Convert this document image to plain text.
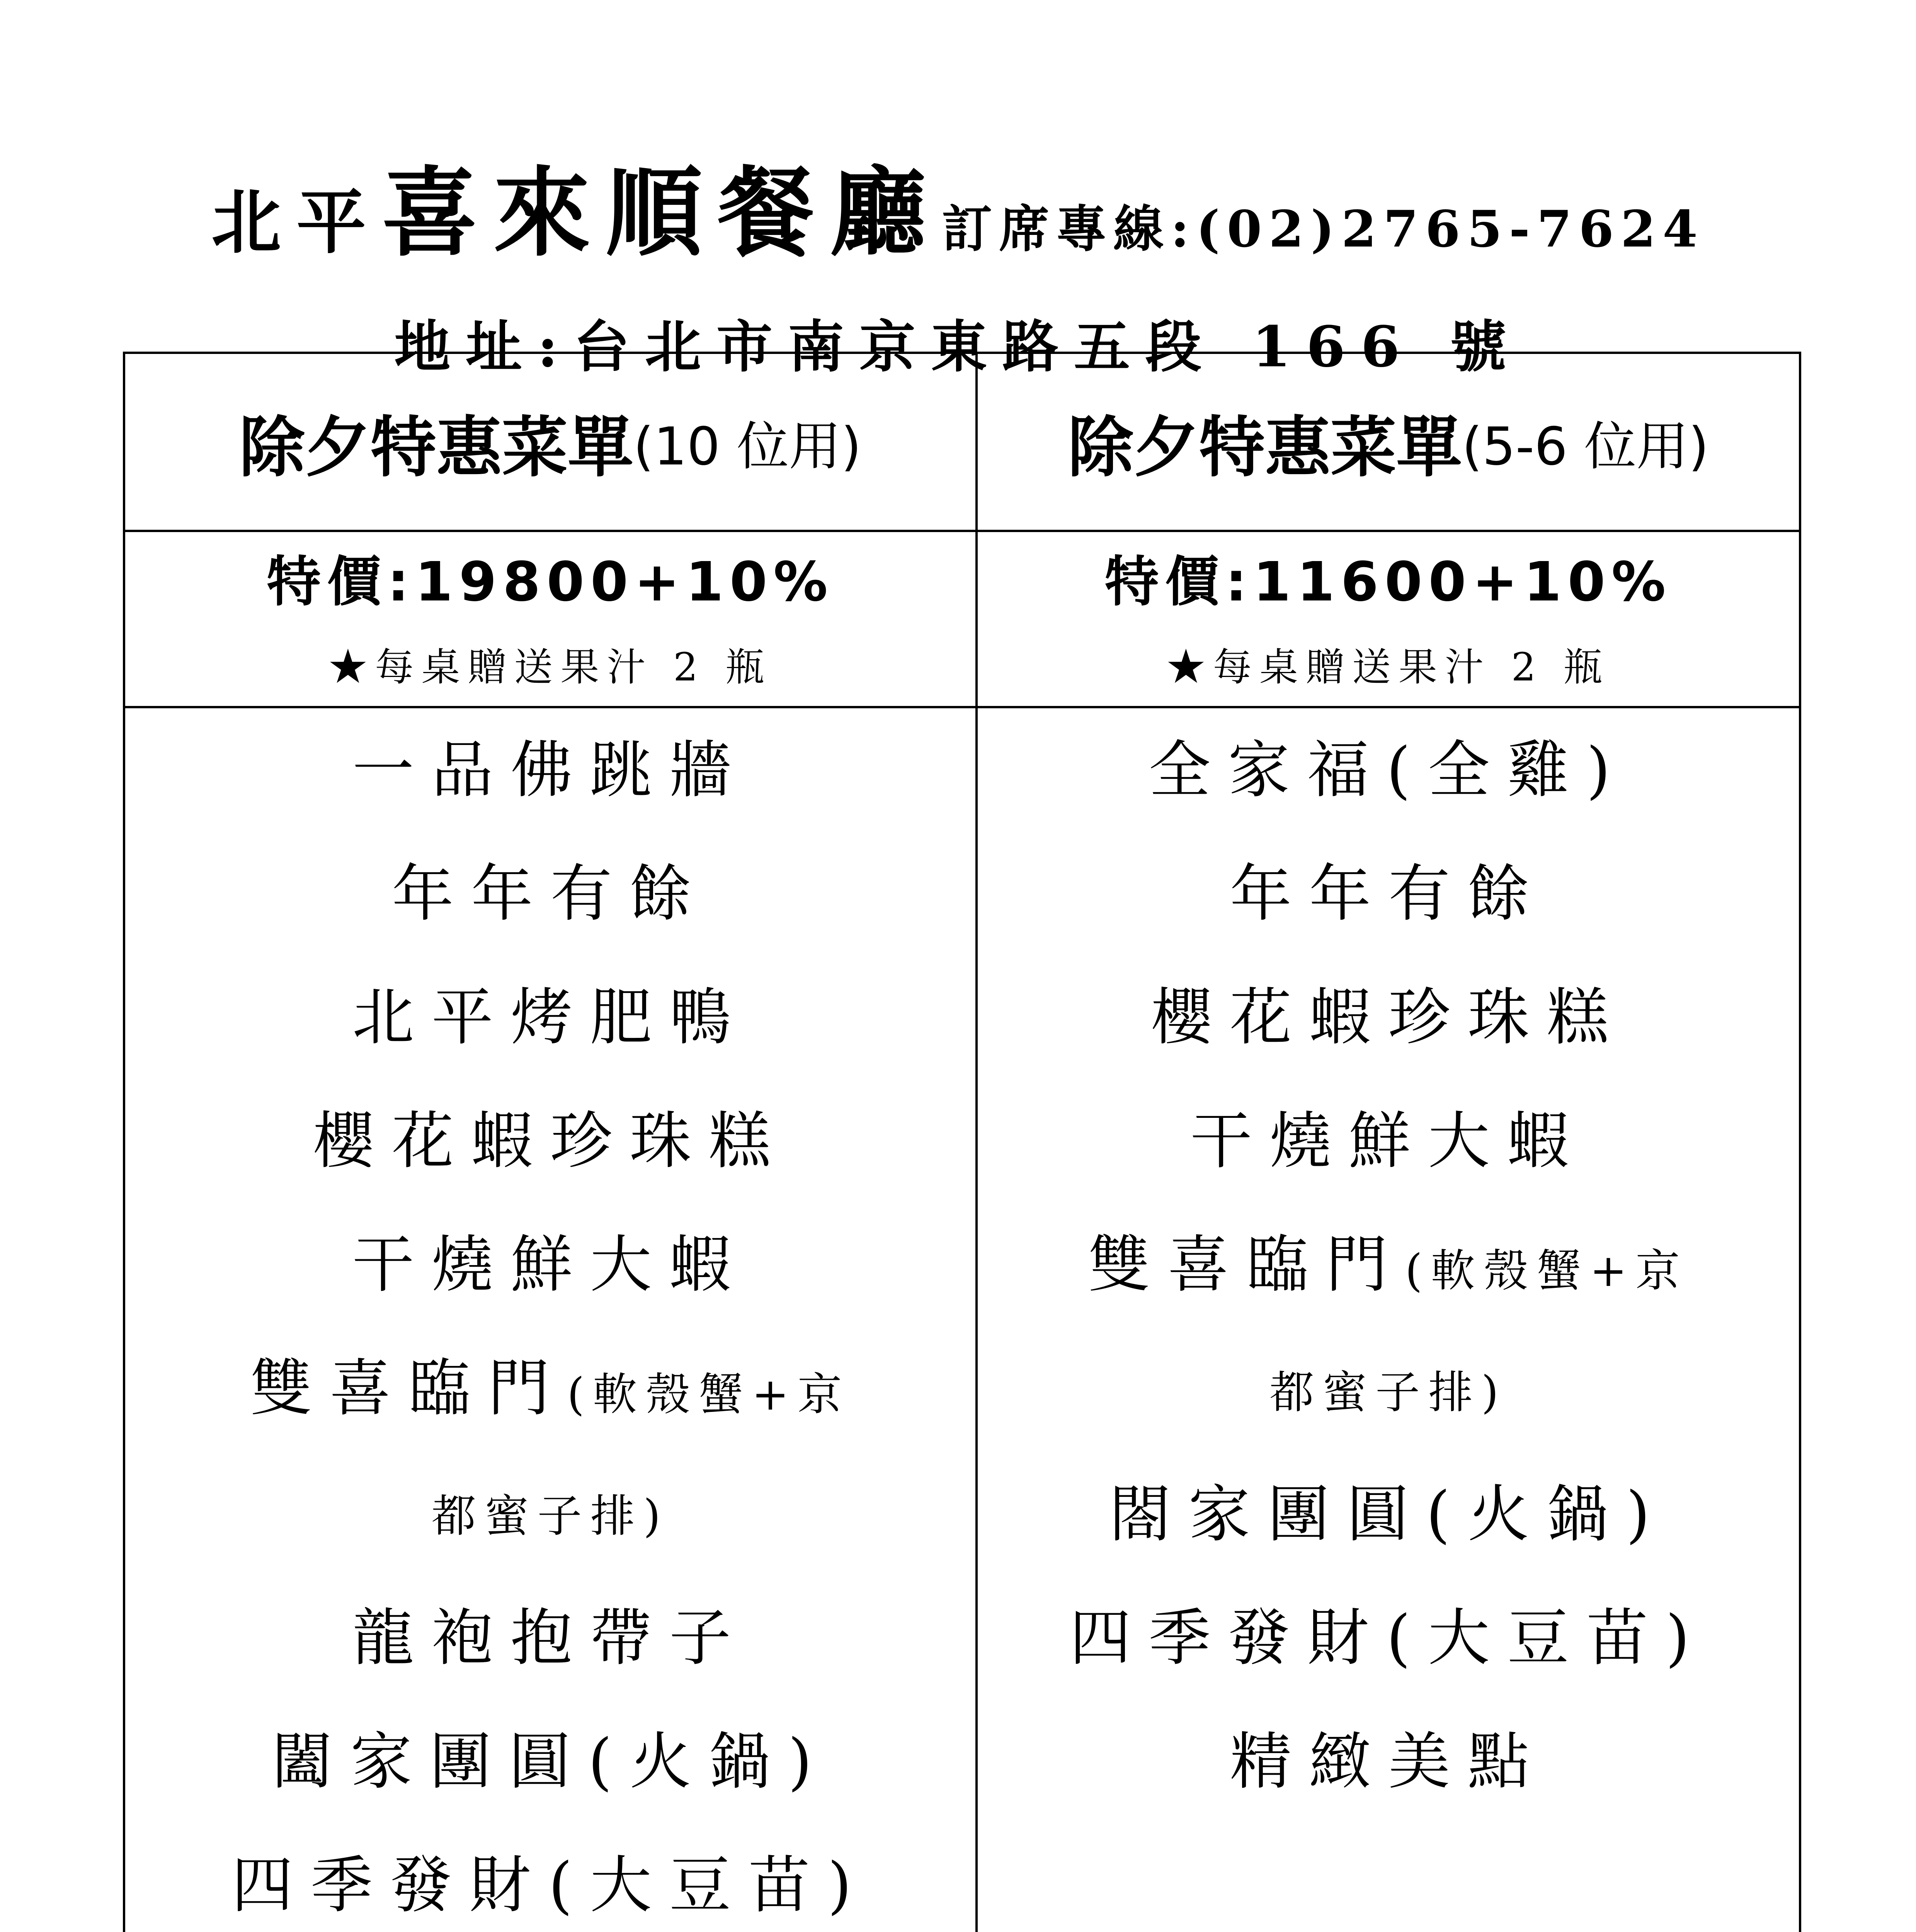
北平喜來順餐廳訂席專線:(02)2765-7624
地址:台北市南京東路五段 166 號
除夕特惠菜單 (10 位用)
特價:19800+10%
★每桌贈送果汁 2 瓶
一品佛跳牆
年年有餘
北平烤肥鴨
櫻花蝦珍珠糕
干燒鮮大蝦
雙喜臨門(軟殼蟹+京
都蜜子排)
龍袍抱帶子
闔家團圓(火鍋)
四季發財(大豆苗)
除夕特惠菜單 (5-6 位用)
特價:11600+10%
★每桌贈送果汁 2 瓶
全家福(全雞)
年年有餘
櫻花蝦珍珠糕
干燒鮮大蝦
雙喜臨門(軟殼蟹+京
都蜜子排)
閤家團圓(火鍋)
四季發財(大豆苗)
精緻美點
